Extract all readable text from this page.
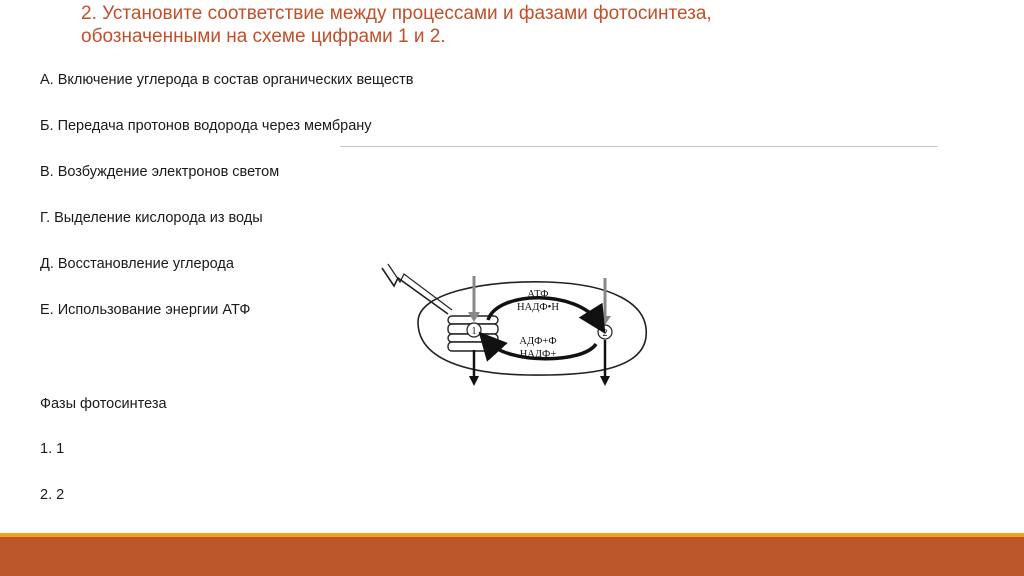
2. Установите соответствие между процессами и фазами фотосинтеза,
обозначенными на схеме цифрами 1 и 2.
А. Включение углерода в состав органических веществ
Б. Передача протонов водорода через мембрану
В. Возбуждение электронов светом
Г. Выделение кислорода из воды
Д. Восстановление углерода
Е. Использование энергии АТФ
Фазы фотосинтеза
1. 1
2. 2
1	2
АТФ
НАДФ•Н
АДФ+Ф
НАДФ+
